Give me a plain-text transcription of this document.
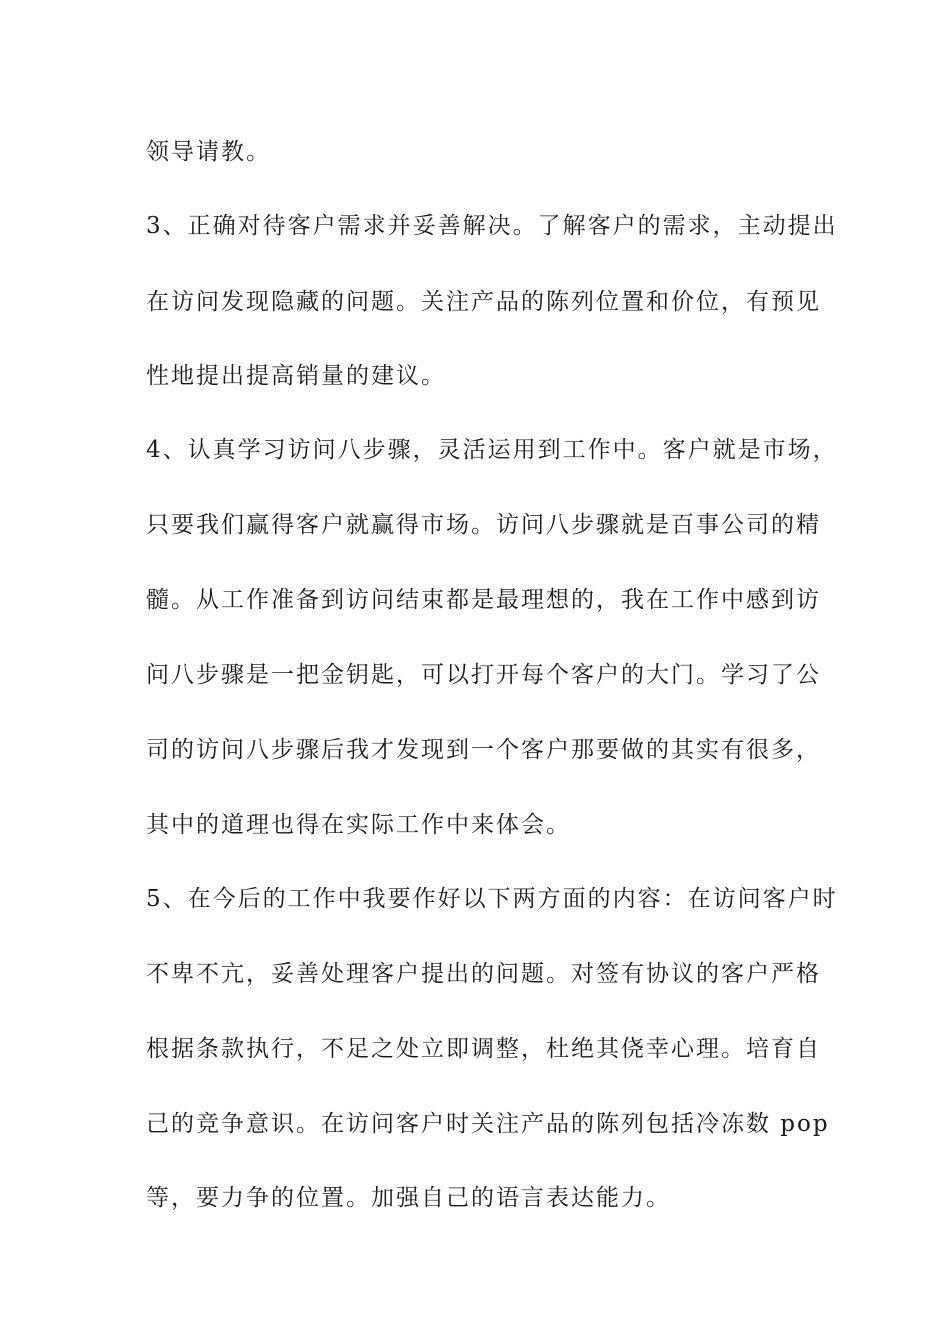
领导请教。
3、正确对待客户需求并妥善解决。了解客户的需求，主动提出
在访问发现隐藏的问题。关注产品的陈列位置和价位，有预见
性地提出提高销量的建议。
4、认真学习访问八步骤，灵活运用到工作中。客户就是市场，
只要我们赢得客户就赢得市场。访问八步骤就是百事公司的精
髓。从工作准备到访问结束都是最理想的，我在工作中感到访
问八步骤是一把金钥匙，可以打开每个客户的大门。学习了公
司的访问八步骤后我才发现到一个客户那要做的其实有很多，
其中的道理也得在实际工作中来体会。
5、在今后的工作中我要作好以下两方面的内容：在访问客户时
不卑不亢，妥善处理客户提出的问题。对签有协议的客户严格
根据条款执行，不足之处立即调整，杜绝其侥幸心理。培育自
己的竞争意识。在访问客户时关注产品的陈列包括冷冻数 pop
等，要力争的位置。加强自己的语言表达能力。
